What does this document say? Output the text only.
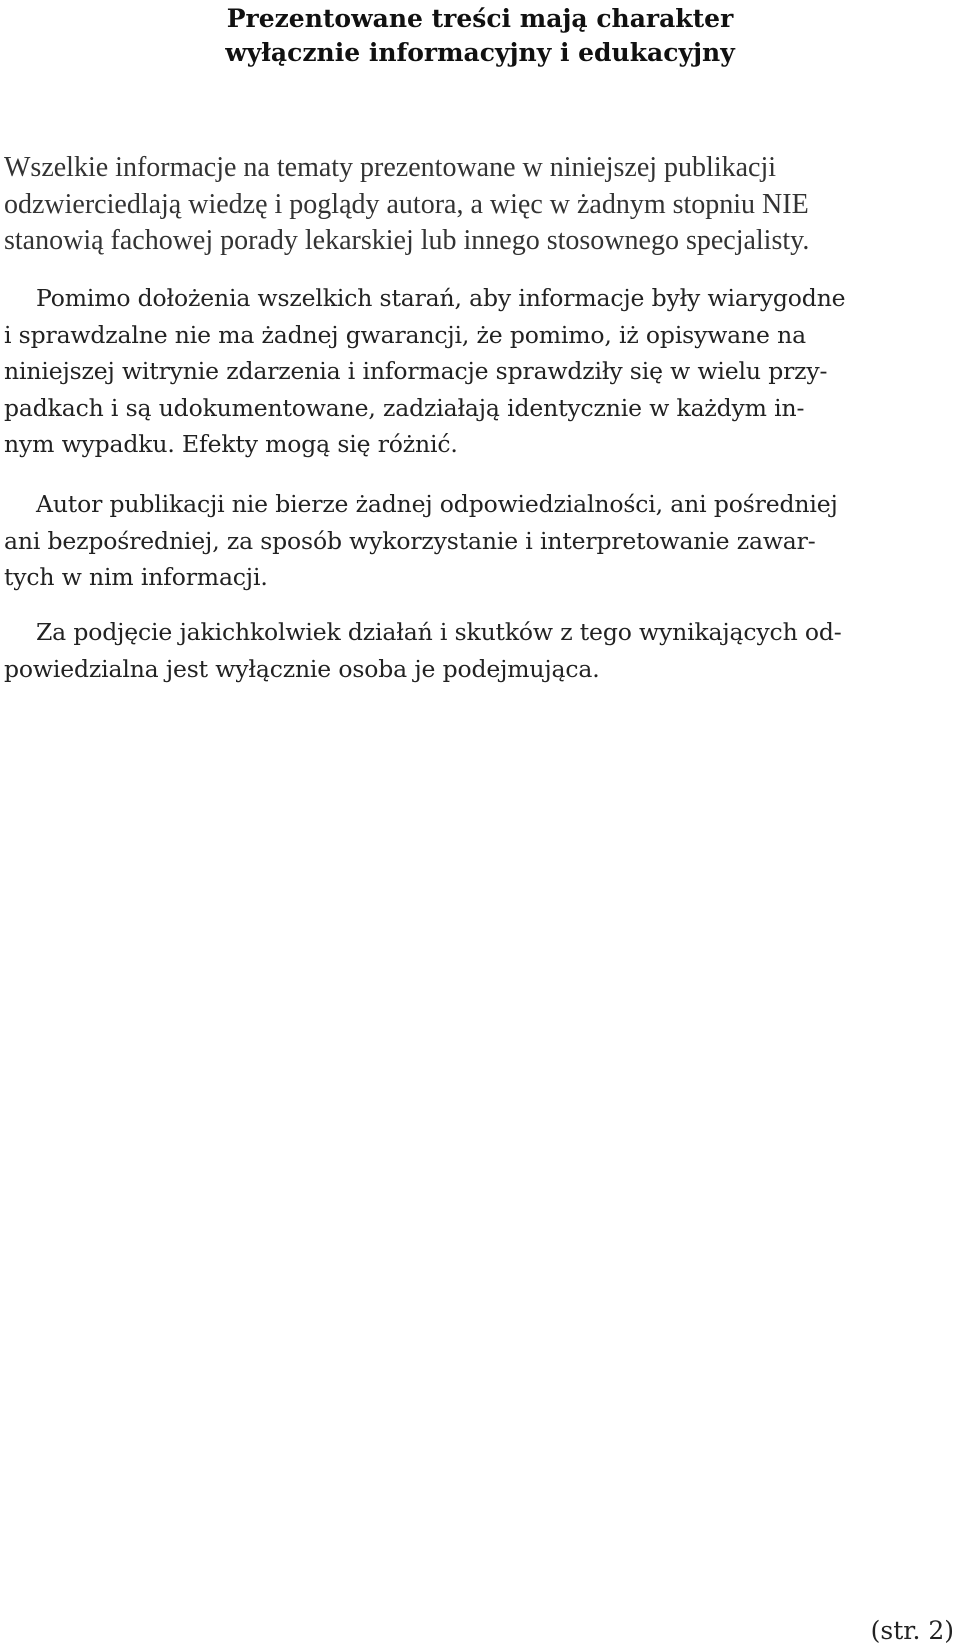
Prezentowane treści mają charakter
wyłącznie informacyjny i edukacyjny
Wszelkie informacje na tematy prezentowane w niniejszej publikacji
odzwierciedlają wiedzę i poglądy autora, a więc w żadnym stopniu NIE
stanowią fachowej porady lekarskiej lub innego stosownego specjalisty.
Pomimo dołożenia wszelkich starań, aby informacje były wiarygodne
i sprawdzalne nie ma żadnej gwarancji, że pomimo, iż opisywane na
niniejszej witrynie zdarzenia i informacje sprawdziły się w wielu przy-
padkach i są udokumentowane, zadziałają identycznie w każdym in-
nym wypadku. Efekty mogą się różnić.
Autor publikacji nie bierze żadnej odpowiedzialności, ani pośredniej
ani bezpośredniej, za sposób wykorzystanie i interpretowanie zawar-
tych w nim informacji.
Za podjęcie jakichkolwiek działań i skutków z tego wynikających od-
powiedzialna jest wyłącznie osoba je podejmująca.
(str. 2)
